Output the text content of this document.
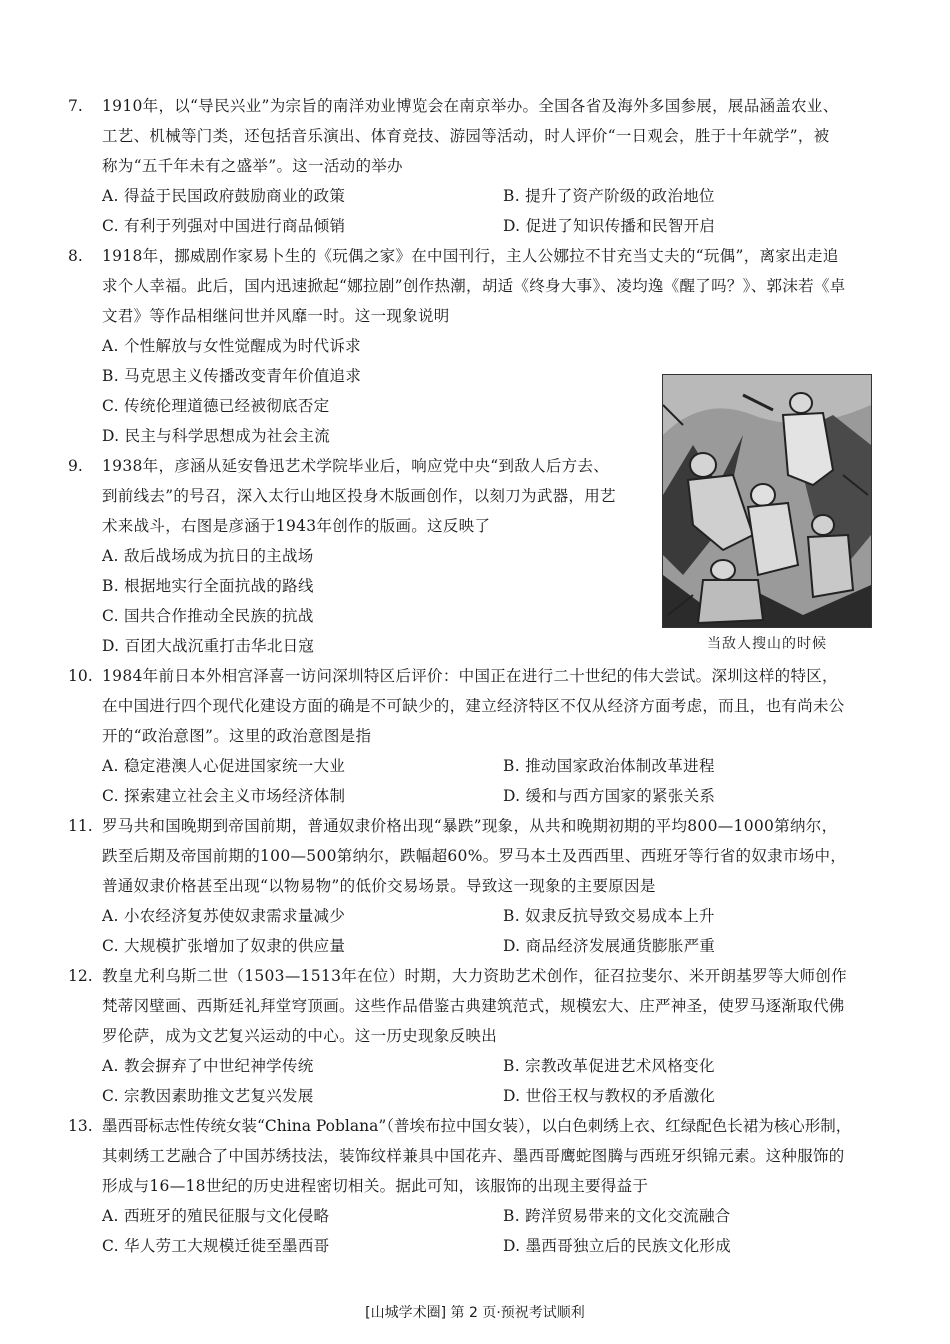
7.	1910年，以“导民兴业”为宗旨的南洋劝业博览会在南京举办。全国各省及海外多国参展，展品涵盖农业、
工艺、机械等门类，还包括音乐演出、体育竞技、游园等活动，时人评价“一日观会，胜于十年就学”，被
称为“五千年未有之盛举”。这一活动的举办
A. 得益于民国政府鼓励商业的政策	B. 提升了资产阶级的政治地位
C. 有利于列强对中国进行商品倾销	D. 促进了知识传播和民智开启
8.	1918年，挪威剧作家易卜生的《玩偶之家》在中国刊行，主人公娜拉不甘充当丈夫的“玩偶”，离家出走追
求个人幸福。此后，国内迅速掀起“娜拉剧”创作热潮，胡适《终身大事》、凌均逸《醒了吗？》、郭沫若《卓
文君》等作品相继问世并风靡一时。这一现象说明
A. 个性解放与女性觉醒成为时代诉求
B. 马克思主义传播改变青年价值追求
C. 传统伦理道德已经被彻底否定
D. 民主与科学思想成为社会主流
9.	1938年，彦涵从延安鲁迅艺术学院毕业后，响应党中央“到敌人后方去、
到前线去”的号召，深入太行山地区投身木版画创作，以刻刀为武器，用艺
术来战斗，右图是彦涵于1943年创作的版画。这反映了
A. 敌后战场成为抗日的主战场
B. 根据地实行全面抗战的路线
C. 国共合作推动全民族的抗战
D. 百团大战沉重打击华北日寇	当敌人搜山的时候
10. 1984年前日本外相宫泽喜一访问深圳特区后评价：中国正在进行二十世纪的伟大尝试。深圳这样的特区，
在中国进行四个现代化建设方面的确是不可缺少的，建立经济特区不仅从经济方面考虑，而且，也有尚未公
开的“政治意图”。这里的政治意图是指
A. 稳定港澳人心促进国家统一大业	B. 推动国家政治体制改革进程
C. 探索建立社会主义市场经济体制	D. 缓和与西方国家的紧张关系
11. 罗马共和国晚期到帝国前期，普通奴隶价格出现“暴跌”现象，从共和晚期初期的平均800—1000第纳尔，
跌至后期及帝国前期的100—500第纳尔，跌幅超60%。罗马本土及西西里、西班牙等行省的奴隶市场中，
普通奴隶价格甚至出现“以物易物”的低价交易场景。导致这一现象的主要原因是
A. 小农经济复苏使奴隶需求量减少	B. 奴隶反抗导致交易成本上升
C. 大规模扩张增加了奴隶的供应量	D. 商品经济发展通货膨胀严重
12. 教皇尤利乌斯二世（1503—1513年在位）时期，大力资助艺术创作，征召拉斐尔、米开朗基罗等大师创作
梵蒂冈壁画、西斯廷礼拜堂穹顶画。这些作品借鉴古典建筑范式，规模宏大、庄严神圣，使罗马逐渐取代佛
罗伦萨，成为文艺复兴运动的中心。这一历史现象反映出
A. 教会摒弃了中世纪神学传统	B. 宗教改革促进艺术风格变化
C. 宗教因素助推文艺复兴发展	D. 世俗王权与教权的矛盾激化
13. 墨西哥标志性传统女装“China Poblana”（普埃布拉中国女装），以白色刺绣上衣、红绿配色长裙为核心形制，
其刺绣工艺融合了中国苏绣技法，装饰纹样兼具中国花卉、墨西哥鹰蛇图腾与西班牙织锦元素。这种服饰的
形成与16—18世纪的历史进程密切相关。据此可知，该服饰的出现主要得益于
A. 西班牙的殖民征服与文化侵略	B. 跨洋贸易带来的文化交流融合
C. 华人劳工大规模迁徙至墨西哥	D. 墨西哥独立后的民族文化形成
[山城学术圈] 第 2 页·预祝考试顺利
